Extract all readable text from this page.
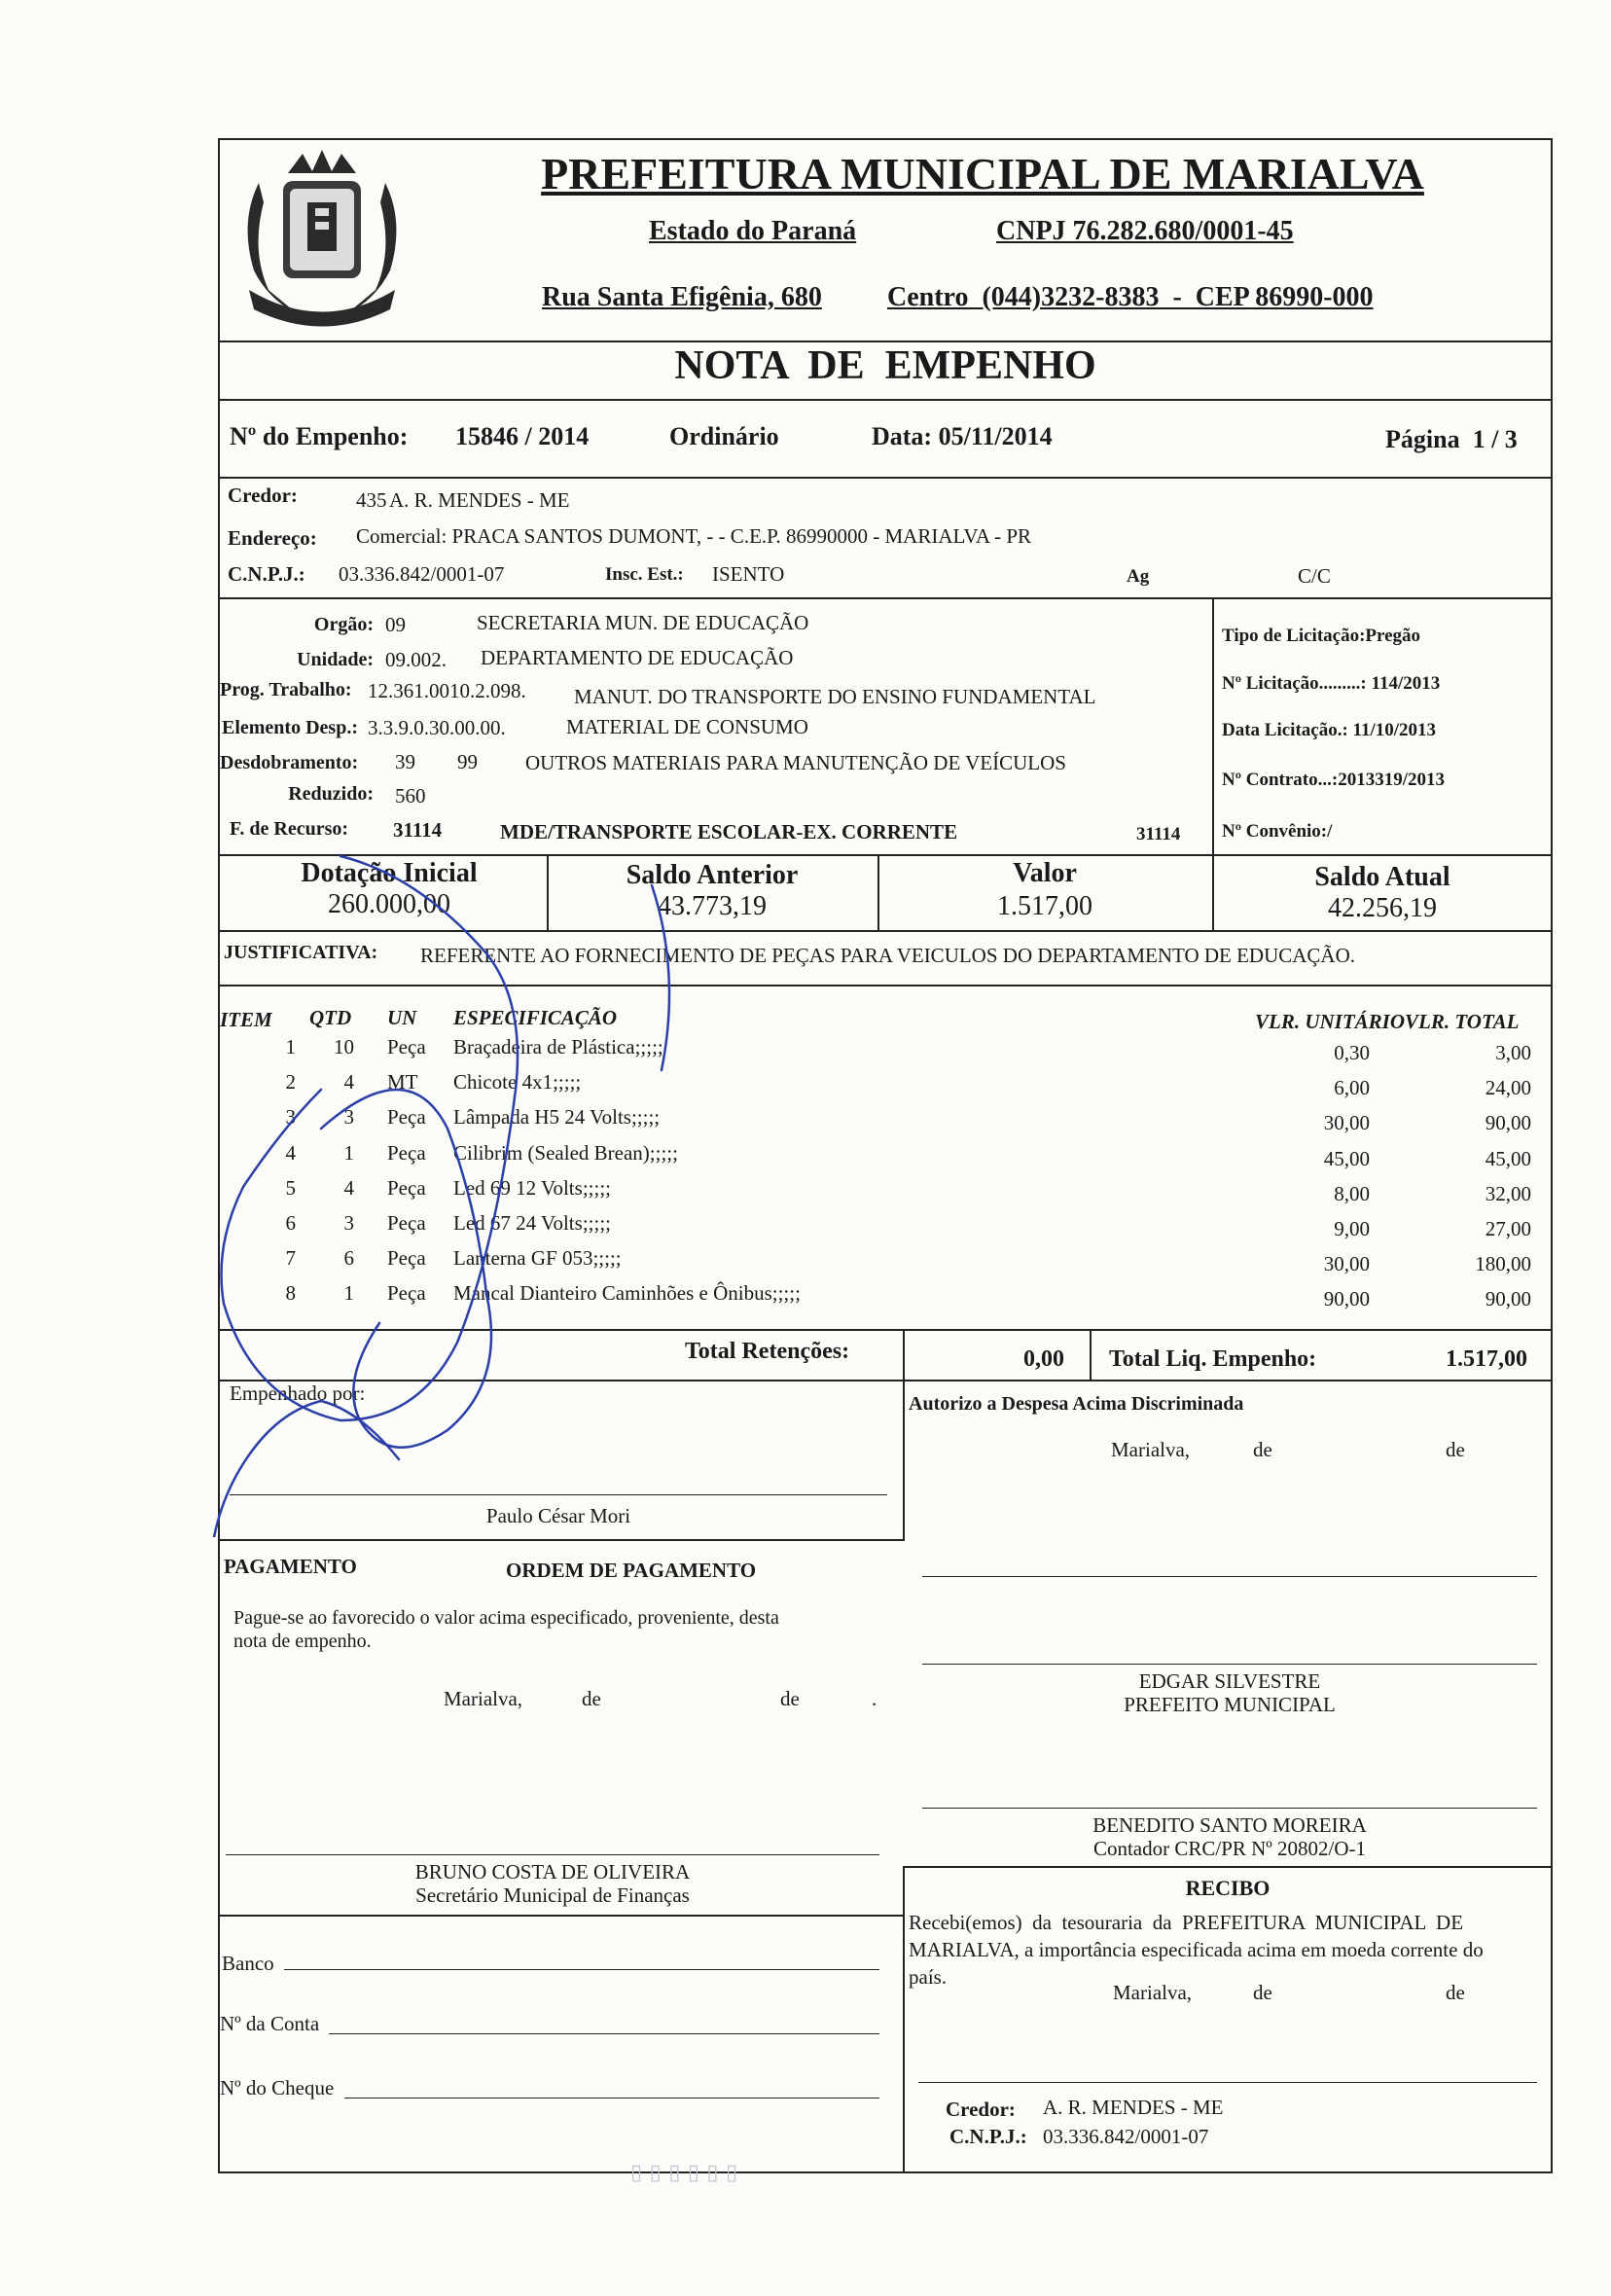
PREFEITURA MUNICIPAL DE MARIALVA
Estado do Paraná	CNPJ 76.282.680/0001-45
Rua Santa Efigênia, 680 Centro  (044)3232-8383  -  CEP 86990-000
NOTA  DE  EMPENHO
Nº do Empenho: 15846 / 2014	Ordinário	Data: 05/11/2014	Página  1 / 3
Credor:	435 A. R. MENDES - ME
Endereço: Comercial: PRACA SANTOS DUMONT, - - C.E.P. 86990000 - MARIALVA - PR
C.N.P.J.: 03.336.842/0001-07	Insc. Est.: ISENTO	Ag	C/C
Orgão: 09	SECRETARIA MUN. DE EDUCAÇÃO
Unidade: 09.002. DEPARTAMENTO DE EDUCAÇÃO
Prog. Trabalho: 12.361.0010.2.098. MANUT. DO TRANSPORTE DO ENSINO FUNDAMENTAL
Elemento Desp.: 3.3.9.0.30.00.00.	MATERIAL DE CONSUMO
Desdobramento: 39 99 OUTROS MATERIAIS PARA MANUTENÇÃO DE VEÍCULOS
Reduzido: 560
F. de Recurso: 31114	MDE/TRANSPORTE ESCOLAR-EX. CORRENTE	31114
Tipo de Licitação:Pregão
Nº Licitação.........: 114/2013
Data Licitação.: 11/10/2013
Nº Contrato...:2013319/2013
Nº Convênio:/
Dotação Inicial
260.000,00
Saldo Anterior
43.773,19
Valor
1.517,00
Saldo Atual
42.256,19
JUSTIFICATIVA: REFERENTE AO FORNECIMENTO DE PEÇAS PARA VEICULOS DO DEPARTAMENTO DE EDUCAÇÃO.
ITEM QTD UN ESPECIFICAÇÃO	VLR. UNITÁRIO VLR. TOTAL
1	10 Peça	Braçadeira de Plástica;;;;;	0,30	3,00
2	4 MT	Chicote 4x1;;;;;	6,00	24,00
3	3 Peça	Lâmpada H5 24 Volts;;;;;	30,00	90,00
4	1 Peça	Cilibrim (Sealed Brean);;;;;	45,00	45,00
5	4 Peça	Led 69 12 Volts;;;;;	8,00	32,00
6	3 Peça	Led 67 24 Volts;;;;;	9,00	27,00
7	6 Peça	Lanterna GF 053;;;;;	30,00	180,00
8	1 Peça	Mancal Dianteiro Caminhões e Ônibus;;;;;	90,00	90,00
Total Retenções:	0,00 Total Liq. Empenho:	1.517,00
Empenhado por:
Paulo César Mori
Autorizo a Despesa Acima Discriminada
Marialva,	de	de
PAGAMENTO	ORDEM DE PAGAMENTO
Pague-se ao favorecido o valor acima especificado, proveniente, desta
nota de empenho.
Marialva,	de	de	.
EDGAR SILVESTRE
PREFEITO MUNICIPAL
BENEDITO SANTO MOREIRA
Contador CRC/PR Nº 20802/O-1
BRUNO COSTA DE OLIVEIRA
Secretário Municipal de Finanças	RECIBO
Recebi(emos)  da  tesouraria  da  PREFEITURA  MUNICIPAL  DE
MARIALVA, a importância especificada acima em moeda corrente do
país.
Marialva,	de	de
Banco
Nº da Conta
Nº do Cheque
Credor: A. R. MENDES - ME
C.N.P.J.: 03.336.842/0001-07
▯ ▯ ▯ ▯ ▯ ▯
